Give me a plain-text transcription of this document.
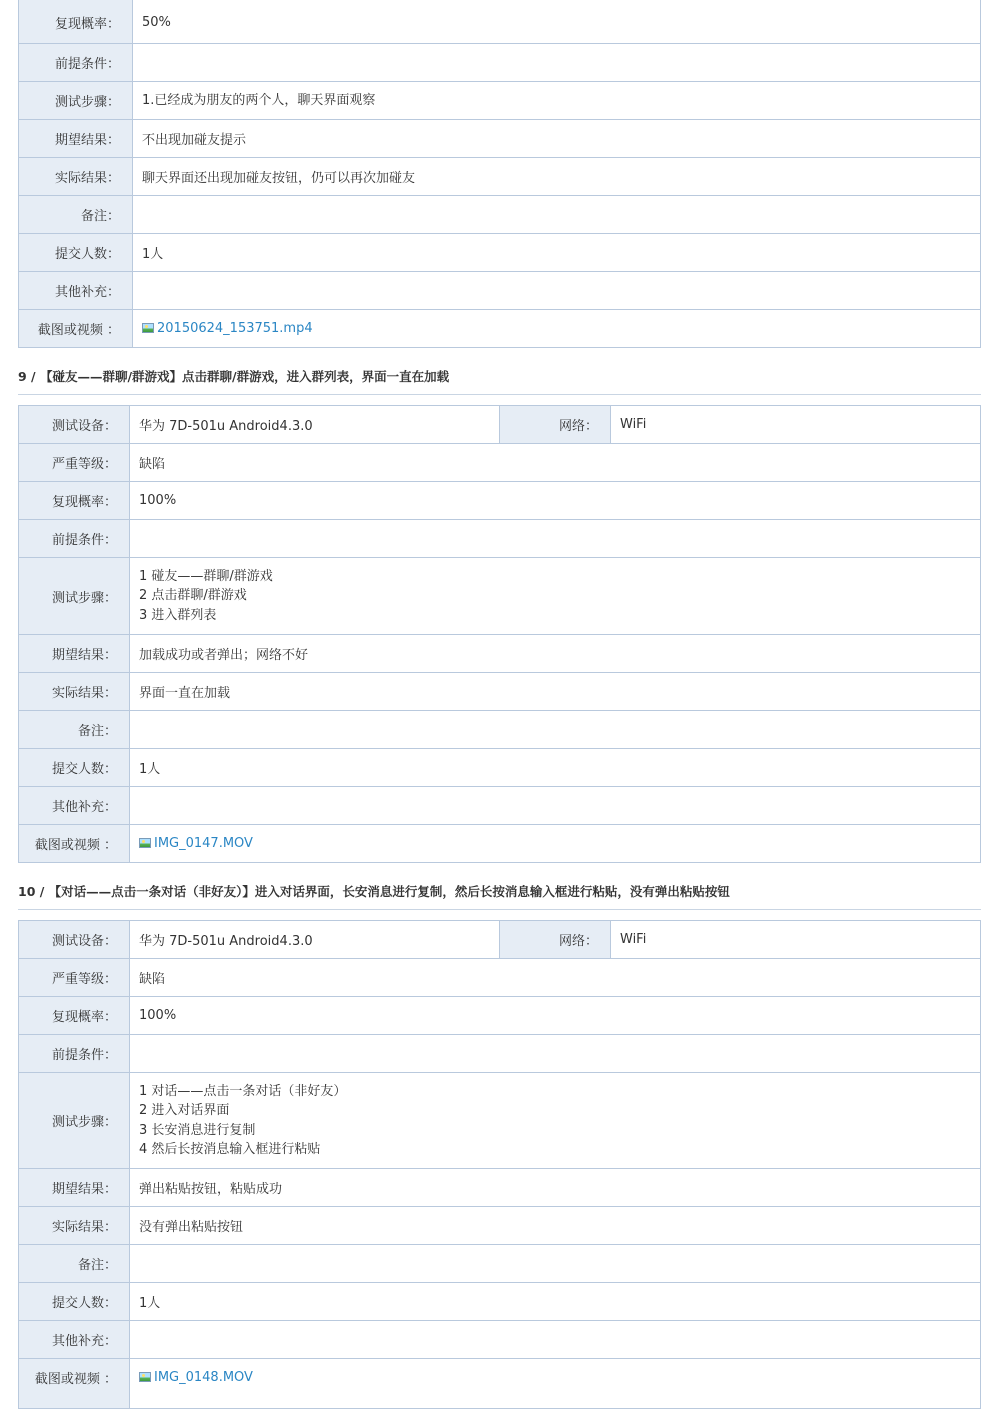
复现概率：	50%
前提条件：	
测试步骤：	1.已经成为朋友的两个人，聊天界面观察

期望结果：	不出现加碰友提示
实际结果：	聊天界面还出现加碰友按钮，仍可以再次加碰友
备注：	
提交人数：	1人
其他补充：	
截图或视频 ：	20150624_153751.mp4
9 / 【碰友——群聊/群游戏】点击群聊/群游戏，进入群列表，界面一直在加载
测试设备：	华为 7D-501u Android4.3.0	网络：	WiFi
严重等级：	缺陷		
复现概率：	100%		
前提条件：			
测试步骤：	1 碰友——群聊/群游戏
2 点击群聊/群游戏
3 进入群列表		

期望结果：	加载成功或者弹出；网络不好		
实际结果：	界面一直在加载		
备注：			
提交人数：	1人		
其他补充：			
截图或视频 ：	IMG_0147.MOV		
10 / 【对话——点击一条对话（非好友）】进入对话界面，长安消息进行复制，然后长按消息输入框进行粘贴，没有弹出粘贴按钮
测试设备：	华为 7D-501u Android4.3.0	网络：	WiFi
严重等级：	缺陷		
复现概率：	100%		
前提条件：			
测试步骤：	1 对话——点击一条对话（非好友）
2 进入对话界面
3 长安消息进行复制
4 然后长按消息输入框进行粘贴		

期望结果：	弹出粘贴按钮，粘贴成功		
实际结果：	没有弹出粘贴按钮		
备注：			
提交人数：	1人		
其他补充：			
截图或视频 ：	IMG_0148.MOV		
